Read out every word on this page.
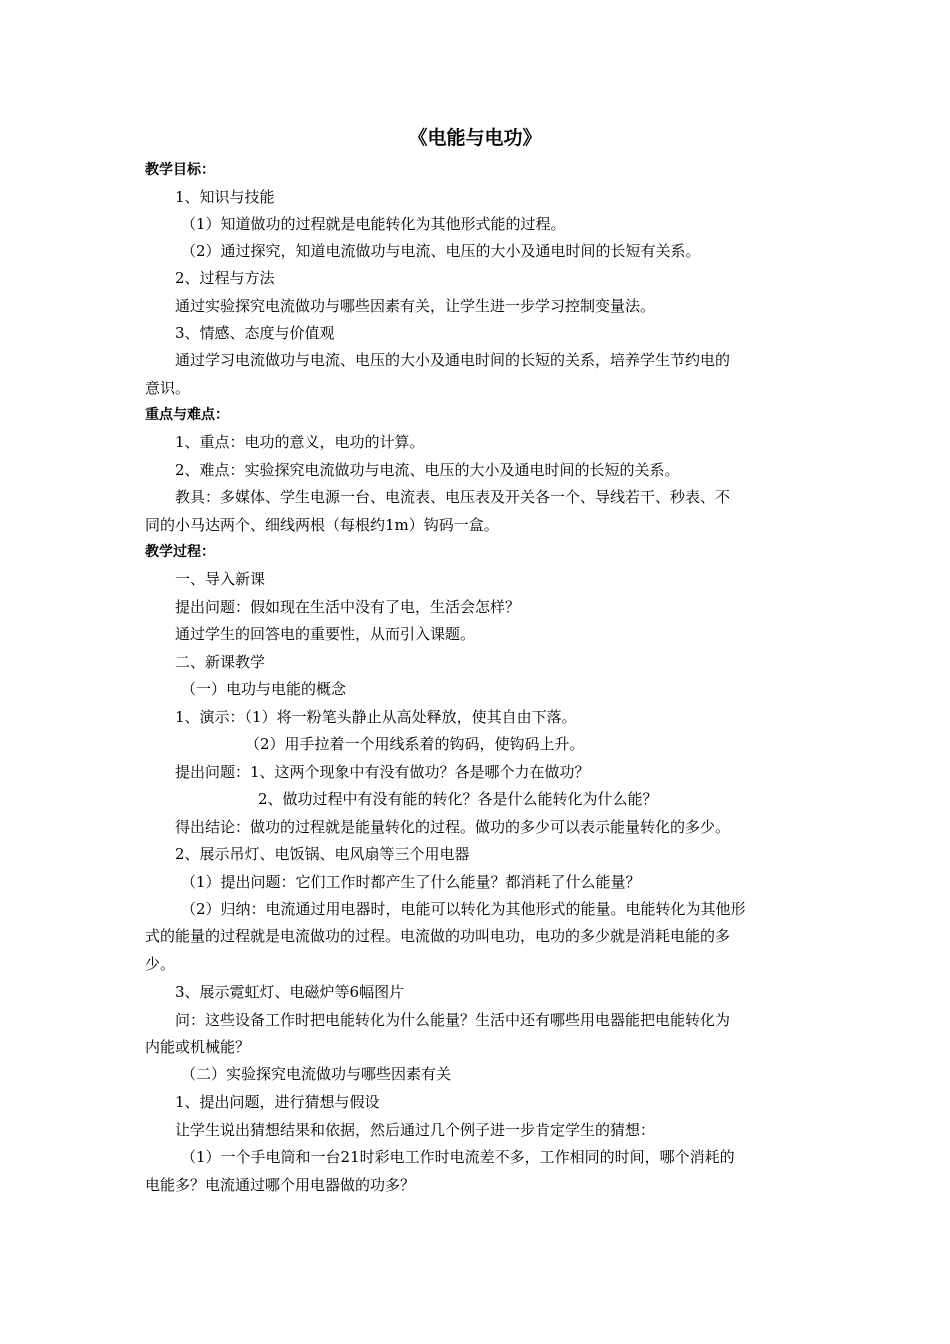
《电能与电功》
教学目标：
1、知识与技能
（1）知道做功的过程就是电能转化为其他形式能的过程。
（2）通过探究，知道电流做功与电流、电压的大小及通电时间的长短有关系。
2、过程与方法
通过实验探究电流做功与哪些因素有关，让学生进一步学习控制变量法。
3、情感、态度与价值观
通过学习电流做功与电流、电压的大小及通电时间的长短的关系，培养学生节约电的
意识。
重点与难点：
1、重点：电功的意义，电功的计算。
2、难点：实验探究电流做功与电流、电压的大小及通电时间的长短的关系。
教具：多媒体、学生电源一台、电流表、电压表及开关各一个、导线若干、秒表、不
同的小马达两个、细线两根（每根约1m）钩码一盒。
教学过程：
一、导入新课
提出问题：假如现在生活中没有了电，生活会怎样？
通过学生的回答电的重要性，从而引入课题。
二、新课教学
（一）电功与电能的概念
1、演示：（1）将一粉笔头静止从高处释放，使其自由下落。
（2）用手拉着一个用线系着的钩码，使钩码上升。
提出问题：1、这两个现象中有没有做功？各是哪个力在做功？
2、做功过程中有没有能的转化？各是什么能转化为什么能？
得出结论：做功的过程就是能量转化的过程。做功的多少可以表示能量转化的多少。
2、展示吊灯、电饭锅、电风扇等三个用电器
（1）提出问题：它们工作时都产生了什么能量？都消耗了什么能量？
（2）归纳：电流通过用电器时，电能可以转化为其他形式的能量。电能转化为其他形
式的能量的过程就是电流做功的过程。电流做的功叫电功，电功的多少就是消耗电能的多
少。
3、展示霓虹灯、电磁炉等6幅图片
问：这些设备工作时把电能转化为什么能量？生活中还有哪些用电器能把电能转化为
内能或机械能？
（二）实验探究电流做功与哪些因素有关
1、提出问题，进行猜想与假设
让学生说出猜想结果和依据，然后通过几个例子进一步肯定学生的猜想：
（1）一个手电筒和一台21时彩电工作时电流差不多，工作相同的时间，哪个消耗的
电能多？电流通过哪个用电器做的功多？
